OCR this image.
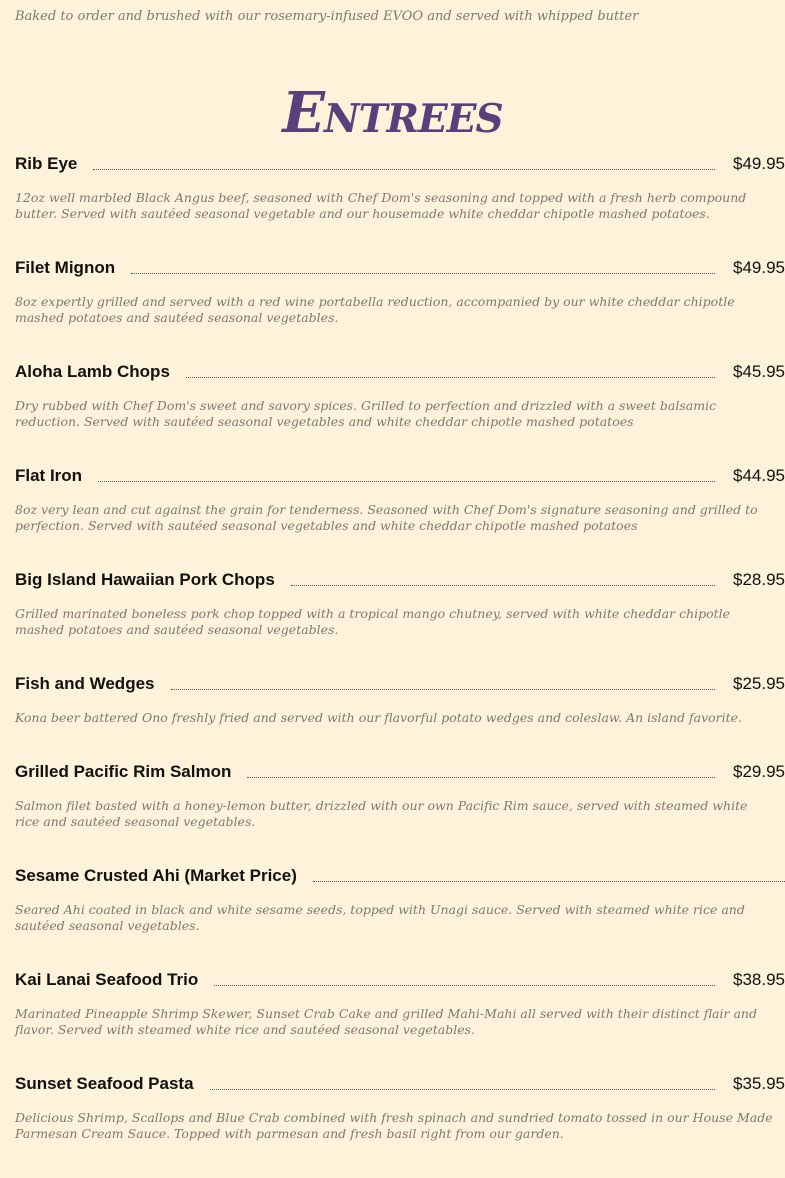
Baked to order and brushed with our rosemary-infused EVOO and served with whipped butter
Entrees
Rib Eye	$49.95
12oz well marbled Black Angus beef, seasoned with Chef Dom's seasoning and topped with a fresh herb compound butter. Served with sautéed seasonal vegetable and our housemade white cheddar chipotle mashed potatoes.
Filet Mignon	$49.95
8oz expertly grilled and served with a red wine portabella reduction, accompanied by our white cheddar chipotle mashed potatoes and sautéed seasonal vegetables.
Aloha Lamb Chops	$45.95
Dry rubbed with Chef Dom's sweet and savory spices. Grilled to perfection and drizzled with a sweet balsamic reduction. Served with sautéed seasonal vegetables and white cheddar chipotle mashed potatoes
Flat Iron	$44.95
8oz very lean and cut against the grain for tenderness. Seasoned with Chef Dom's signature seasoning and grilled to perfection. Served with sautéed seasonal vegetables and white cheddar chipotle mashed potatoes
Big Island Hawaiian Pork Chops	$28.95
Grilled marinated boneless pork chop topped with a tropical mango chutney, served with white cheddar chipotle mashed potatoes and sautéed seasonal vegetables.
Fish and Wedges	$25.95
Kona beer battered Ono freshly fried and served with our flavorful potato wedges and coleslaw. An island favorite.
Grilled Pacific Rim Salmon	$29.95
Salmon filet basted with a honey-lemon butter, drizzled with our own Pacific Rim sauce, served with steamed white rice and sautéed seasonal vegetables.
Sesame Crusted Ahi (Market Price)
Seared Ahi coated in black and white sesame seeds, topped with Unagi sauce. Served with steamed white rice and sautéed seasonal vegetables.
Kai Lanai Seafood Trio	$38.95
Marinated Pineapple Shrimp Skewer, Sunset Crab Cake and grilled Mahi-Mahi all served with their distinct flair and flavor. Served with steamed white rice and sautéed seasonal vegetables.
Sunset Seafood Pasta	$35.95
Delicious Shrimp, Scallops and Blue Crab combined with fresh spinach and sundried tomato tossed in our House Made Parmesan Cream Sauce. Topped with parmesan and fresh basil right from our garden.
